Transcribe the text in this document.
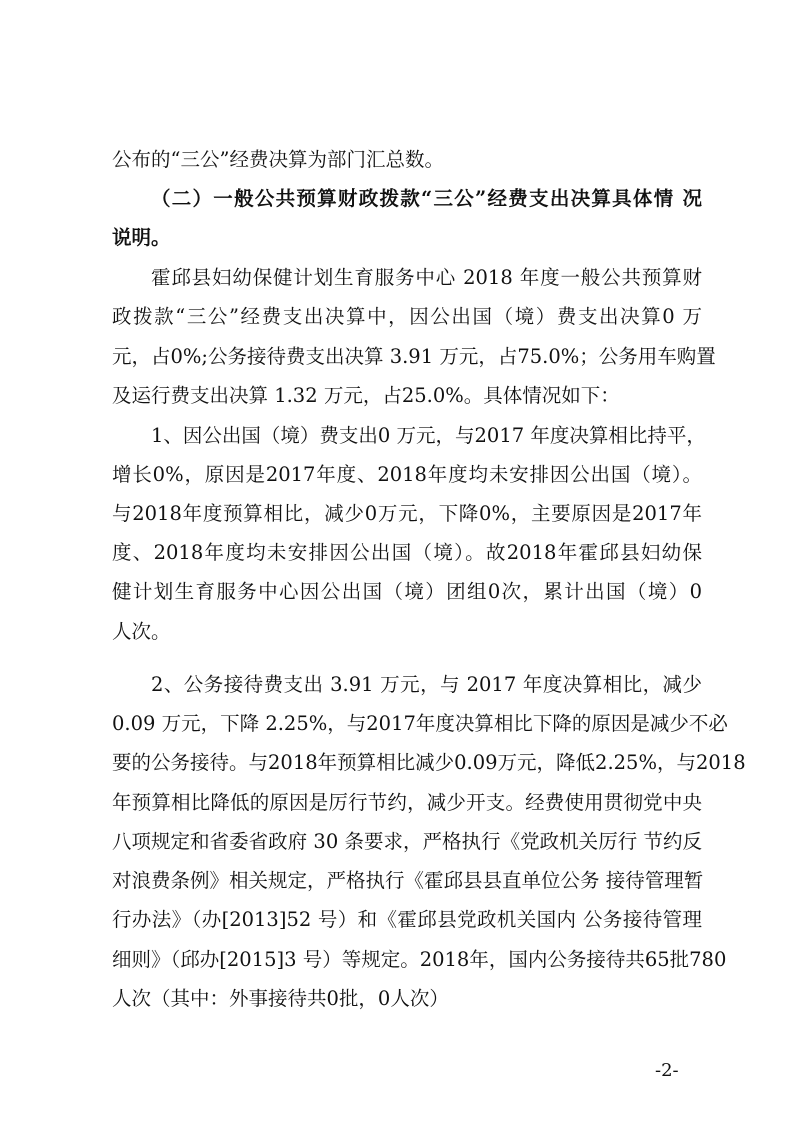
公布的“三公”经费决算为部门汇总数。
（二）一般公共预算财政拨款“三公”经费支出决算具体情 况
说明。
霍邱县妇幼保健计划生育服务中心 2018 年度一般公共预算财
政拨款“三公”经费支出决算中，因公出国（境）费支出决算0 万
元，占0%;公务接待费支出决算 3.91 万元，占75.0%；公务用车购置
及运行费支出决算 1.32 万元，占25.0%。具体情况如下：
1、因公出国（境）费支出0 万元，与2017 年度决算相比持平，
增长0%，原因是2017年度、2018年度均未安排因公出国（境）。
与2018年度预算相比，减少0万元，下降0%，主要原因是2017年
度、2018年度均未安排因公出国（境）。故2018年霍邱县妇幼保
健计划生育服务中心因公出国（境）团组0次，累计出国（境）0
人次。
2、公务接待费支出 3.91 万元，与 2017 年度决算相比，减少
0.09 万元，下降 2.25%，与2017年度决算相比下降的原因是减少不必
要的公务接待。与2018年预算相比减少0.09万元，降低2.25%，与2018
年预算相比降低的原因是厉行节约，减少开支。经费使用贯彻党中央
八项规定和省委省政府 30 条要求，严格执行《党政机关厉行 节约反
对浪费条例》相关规定，严格执行《霍邱县县直单位公务 接待管理暂
行办法》（办[2013]52 号）和《霍邱县党政机关国内 公务接待管理
细则》（邱办[2015]3 号）等规定。2018年，国内公务接待共65批780
人次（其中：外事接待共0批，0人次）
-2-
